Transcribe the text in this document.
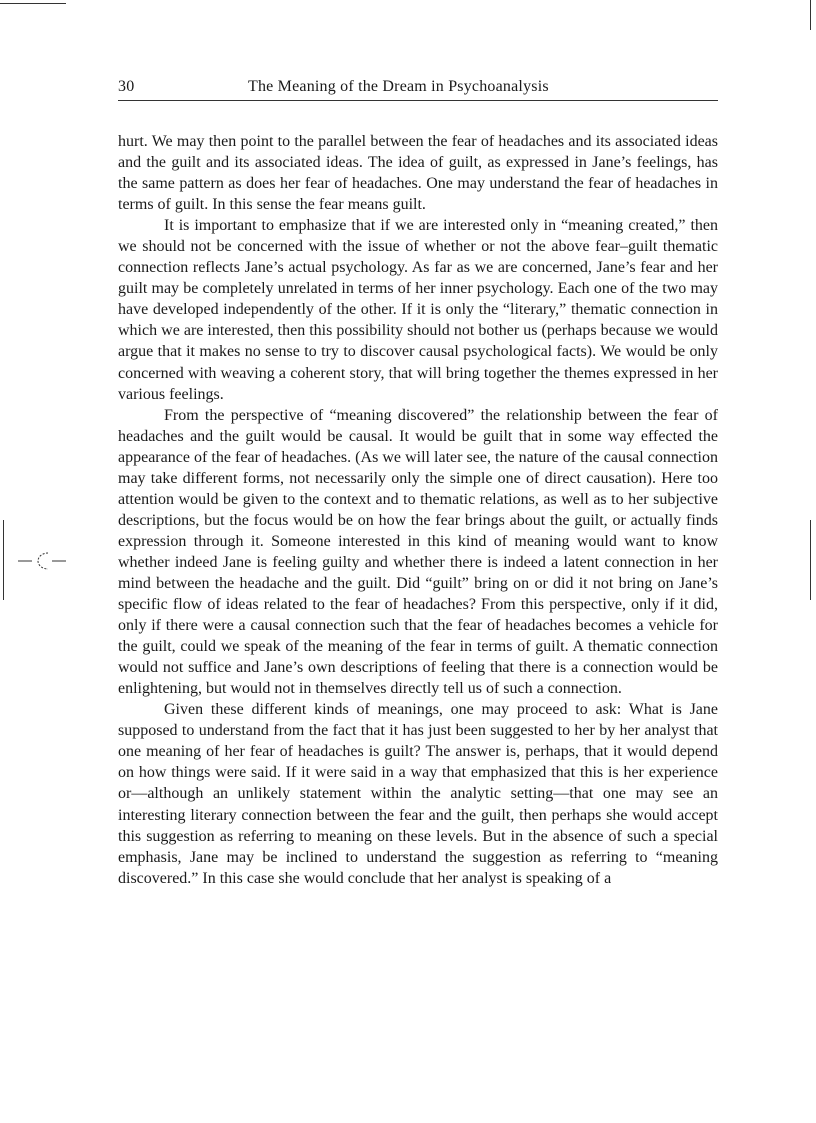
30	The Meaning of the Dream in Psychoanalysis

hurt. We may then point to the parallel between the fear of headaches and its associated ideas and the guilt and its associated ideas. The idea of guilt, as expressed in Jane’s feelings, has the same pattern as does her fear of headaches. One may understand the fear of headaches in terms of guilt. In this sense the fear means guilt.

It is important to emphasize that if we are interested only in “meaning created,” then we should not be concerned with the issue of whether or not the above fear–guilt thematic connection reflects Jane’s actual psychology. As far as we are concerned, Jane’s fear and her guilt may be completely unrelated in terms of her inner psychology. Each one of the two may have developed independently of the other. If it is only the “literary,” thematic connection in which we are interested, then this possibility should not bother us (perhaps because we would argue that it makes no sense to try to discover causal psychological facts). We would be only concerned with weaving a coherent story, that will bring together the themes expressed in her various feelings.

From the perspective of “meaning discovered” the relationship between the fear of headaches and the guilt would be causal. It would be guilt that in some way effected the appearance of the fear of headaches. (As we will later see, the nature of the causal connection may take different forms, not necessarily only the simple one of direct causation). Here too attention would be given to the context and to thematic relations, as well as to her subjective descriptions, but the focus would be on how the fear brings about the guilt, or actually finds expression through it. Someone interested in this kind of meaning would want to know whether indeed Jane is feeling guilty and whether there is indeed a latent connection in her mind between the headache and the guilt. Did “guilt” bring on or did it not bring on Jane’s specific flow of ideas related to the fear of headaches? From this perspective, only if it did, only if there were a causal connection such that the fear of headaches becomes a vehicle for the guilt, could we speak of the meaning of the fear in terms of guilt. A thematic connection would not suffice and Jane’s own descriptions of feeling that there is a connection would be enlightening, but would not in themselves directly tell us of such a connection.

Given these different kinds of meanings, one may proceed to ask: What is Jane supposed to understand from the fact that it has just been suggested to her by her analyst that one meaning of her fear of headaches is guilt? The answer is, perhaps, that it would depend on how things were said. If it were said in a way that emphasized that this is her experience or—although an unlikely statement within the analytic setting—that one may see an interesting literary connection between the fear and the guilt, then perhaps she would accept this suggestion as referring to meaning on these levels. But in the absence of such a special emphasis, Jane may be inclined to understand the suggestion as referring to “meaning discovered.” In this case she would conclude that her analyst is speaking of a
